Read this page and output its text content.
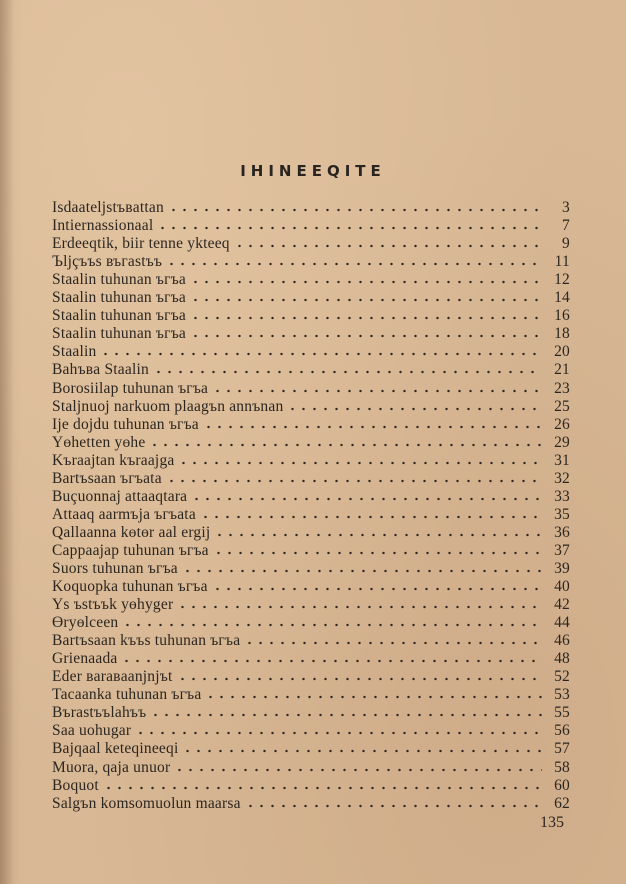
IHINEEQITE
Isdaateljstъвattan	3
Intiernassionaal	7
Erdeeqtik, biir tenne ykteeq	9
Ъljçъъs въгastъъ	11
Staalin tuhunan ъгъa	12
Staalin tuhunan ъгъa	14
Staalin tuhunan ъгъa	16
Staalin tuhunan ъгъa	18
Staalin	20
Bahъвa Staalin	21
Borosiilap tuhunan ъгъa	23
Staljnuoj narkuom plaagъn annъnan	25
Ije dojdu tuhunan ъгъa	26
Yөhetten yөhe	29
Kъraajtan kъraajga	31
Bartъsaan ъгъata	32
Buçuonnaj attaaqtara	33
Attaaq aarmъja ъгъata	35
Qallaanna kөtөr aal ergij	36
Cappaajap tuhunan ъгъa	37
Suors tuhunan ъгъa	39
Koquopka tuhunan ъгъa	40
Ys ъstъъk yөhyger	42
Өryөlceen	44
Bartъsaan kъъs tuhunan ъгъa	46
Grienaada	48
Eder вaraвaanjnjъt	52
Tacaanka tuhunan ъгъa	53
Bъrastъъlahъъ	55
Saa uohugar	56
Bajqaal keteqineeqi	57
Muora, qaja unuor	58
Boquot	60
Salgъn komsomuolun maarsa	62
135
